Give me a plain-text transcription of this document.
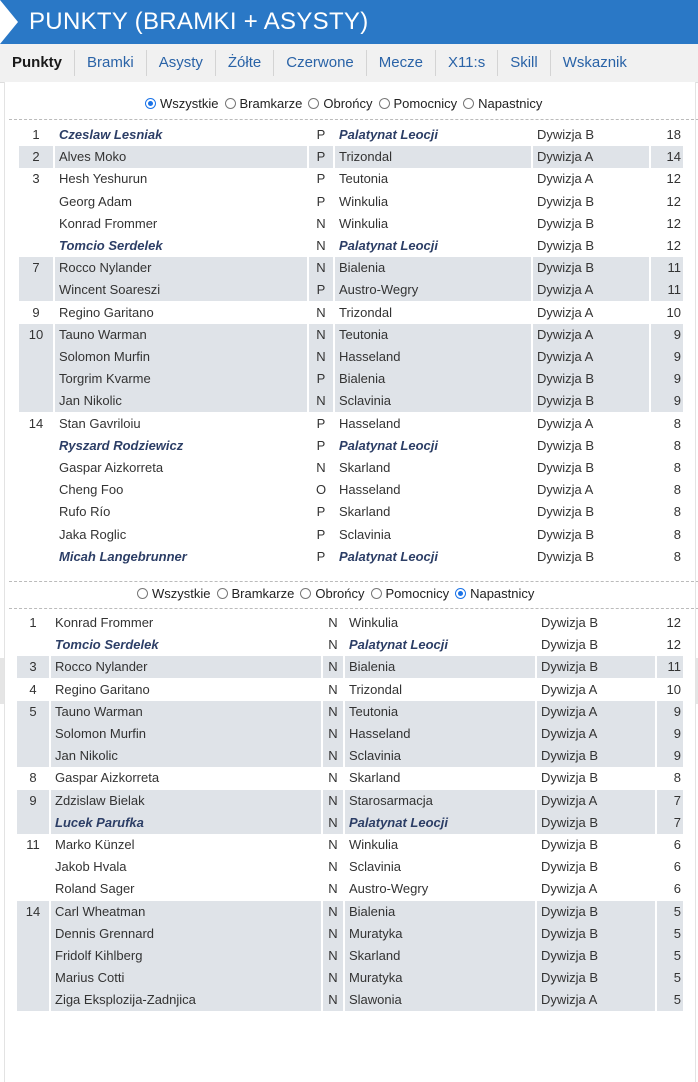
PUNKTY (BRAMKI + ASYSTY)
Punkty	Bramki	Asysty	Żółte	Czerwone	Mecze	X11:s	Skill	Wskaznik
Wszystkie Bramkarze Obrońcy Pomocnicy Napastnicy
1	Czeslaw Lesniak	P	Palatynat Leocji	Dywizja B	18
2	Alves Moko	P	Trizondal	Dywizja A	14
3	Hesh Yeshurun	P	Teutonia	Dywizja A	12
Georg Adam	P	Winkulia	Dywizja B	12
Konrad Frommer	N	Winkulia	Dywizja B	12
Tomcio Serdelek	N	Palatynat Leocji	Dywizja B	12
7	Rocco Nylander	N	Bialenia	Dywizja B	11
Wincent Soareszi	P	Austro-Wegry	Dywizja A	11
9	Regino Garitano	N	Trizondal	Dywizja A	10
10	Tauno Warman	N	Teutonia	Dywizja A	9
Solomon Murfin	N	Hasseland	Dywizja A	9
Torgrim Kvarme	P	Bialenia	Dywizja B	9
Jan Nikolic	N	Sclavinia	Dywizja B	9
14	Stan Gavriloiu	P	Hasseland	Dywizja A	8
Ryszard Rodziewicz	P	Palatynat Leocji	Dywizja B	8
Gaspar Aizkorreta	N	Skarland	Dywizja B	8
Cheng Foo	O Hasseland	Dywizja A	8
Rufo Río	P	Skarland	Dywizja B	8
Jaka Roglic	P	Sclavinia	Dywizja B	8
Micah Langebrunner	P	Palatynat Leocji	Dywizja B	8
Wszystkie Bramkarze Obrońcy Pomocnicy Napastnicy
1	Konrad Frommer	N Winkulia	Dywizja B	12
Tomcio Serdelek	N Palatynat Leocji	Dywizja B	12
3	Rocco Nylander	N Bialenia	Dywizja B	11
4	Regino Garitano	N Trizondal	Dywizja A	10
5	Tauno Warman	N Teutonia	Dywizja A	9
Solomon Murfin	N Hasseland	Dywizja A	9
Jan Nikolic	N Sclavinia	Dywizja B	9
8	Gaspar Aizkorreta	N Skarland	Dywizja B	8
9	Zdzislaw Bielak	N Starosarmacja	Dywizja A	7
Lucek Parufka	N Palatynat Leocji	Dywizja B	7
11	Marko Künzel	N Winkulia	Dywizja B	6
Jakob Hvala	N Sclavinia	Dywizja B	6
Roland Sager	N Austro-Wegry	Dywizja A	6
14	Carl Wheatman	N Bialenia	Dywizja B	5
Dennis Grennard	N Muratyka	Dywizja B	5
Fridolf Kihlberg	N Skarland	Dywizja B	5
Marius Cotti	N Muratyka	Dywizja B	5
Ziga Eksplozija-Zadnjica	N Slawonia	Dywizja A	5
